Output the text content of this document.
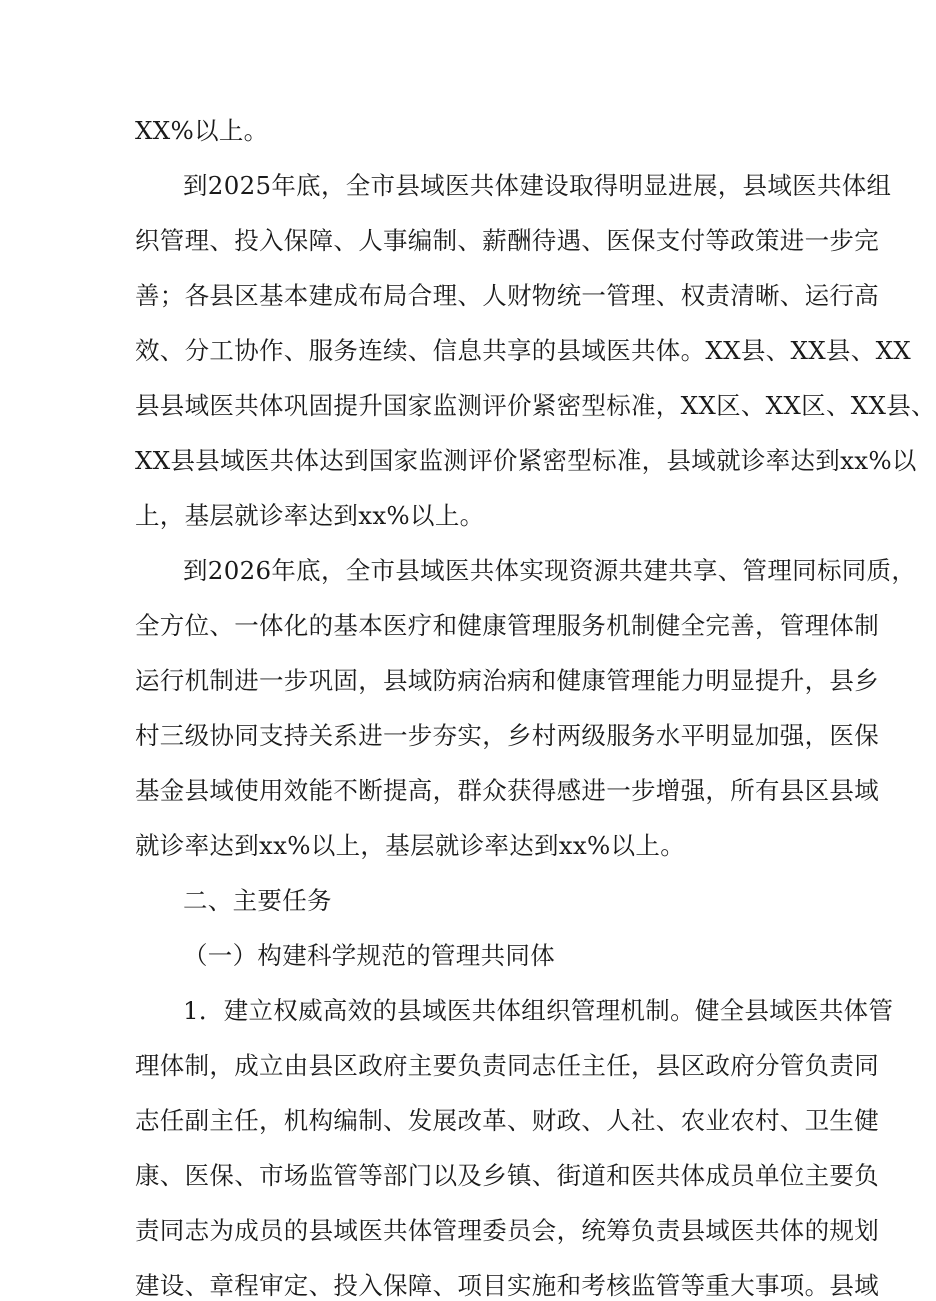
XX%以上。
到2025年底，全市县域医共体建设取得明显进展，县域医共体组
织管理、投入保障、人事编制、薪酬待遇、医保支付等政策进一步完
善；各县区基本建成布局合理、人财物统一管理、权责清晰、运行高
效、分工协作、服务连续、信息共享的县域医共体。XX县、XX县、XX
县县域医共体巩固提升国家监测评价紧密型标准，XX区、XX区、XX县、
XX县县域医共体达到国家监测评价紧密型标准，县域就诊率达到xx%以
上，基层就诊率达到xx%以上。
到2026年底，全市县域医共体实现资源共建共享、管理同标同质，
全方位、一体化的基本医疗和健康管理服务机制健全完善，管理体制
运行机制进一步巩固，县域防病治病和健康管理能力明显提升，县乡
村三级协同支持关系进一步夯实，乡村两级服务水平明显加强，医保
基金县域使用效能不断提高，群众获得感进一步增强，所有县区县域
就诊率达到xx%以上，基层就诊率达到xx%以上。
二、主要任务
（一）构建科学规范的管理共同体
1．建立权威高效的县域医共体组织管理机制。健全县域医共体管
理体制，成立由县区政府主要负责同志任主任，县区政府分管负责同
志任副主任，机构编制、发展改革、财政、人社、农业农村、卫生健
康、医保、市场监管等部门以及乡镇、街道和医共体成员单位主要负
责同志为成员的县域医共体管理委员会，统筹负责县域医共体的规划
建设、章程审定、投入保障、项目实施和考核监管等重大事项。县域
